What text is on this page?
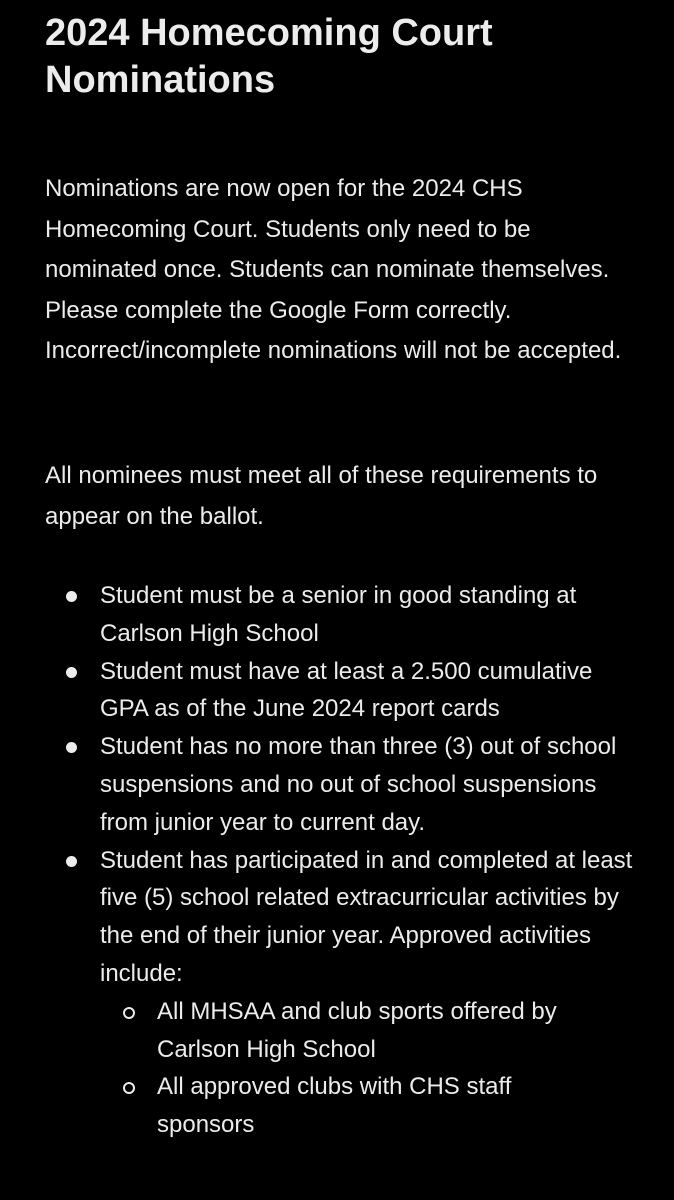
2024 Homecoming Court Nominations

Nominations are now open for the 2024 CHS Homecoming Court. Students only need to be nominated once. Students can nominate themselves. Please complete the Google Form correctly. Incorrect/incomplete nominations will not be accepted.

All nominees must meet all of these requirements to appear on the ballot.

Student must be a senior in good standing at Carlson High School
Student must have at least a 2.500 cumulative GPA as of the June 2024 report cards
Student has no more than three (3) out of school suspensions and no out of school suspensions from junior year to current day.
Student has participated in and completed at least five (5) school related extracurricular activities by the end of their junior year. Approved activities include:
All MHSAA and club sports offered by Carlson High School
All approved clubs with CHS staff sponsors
